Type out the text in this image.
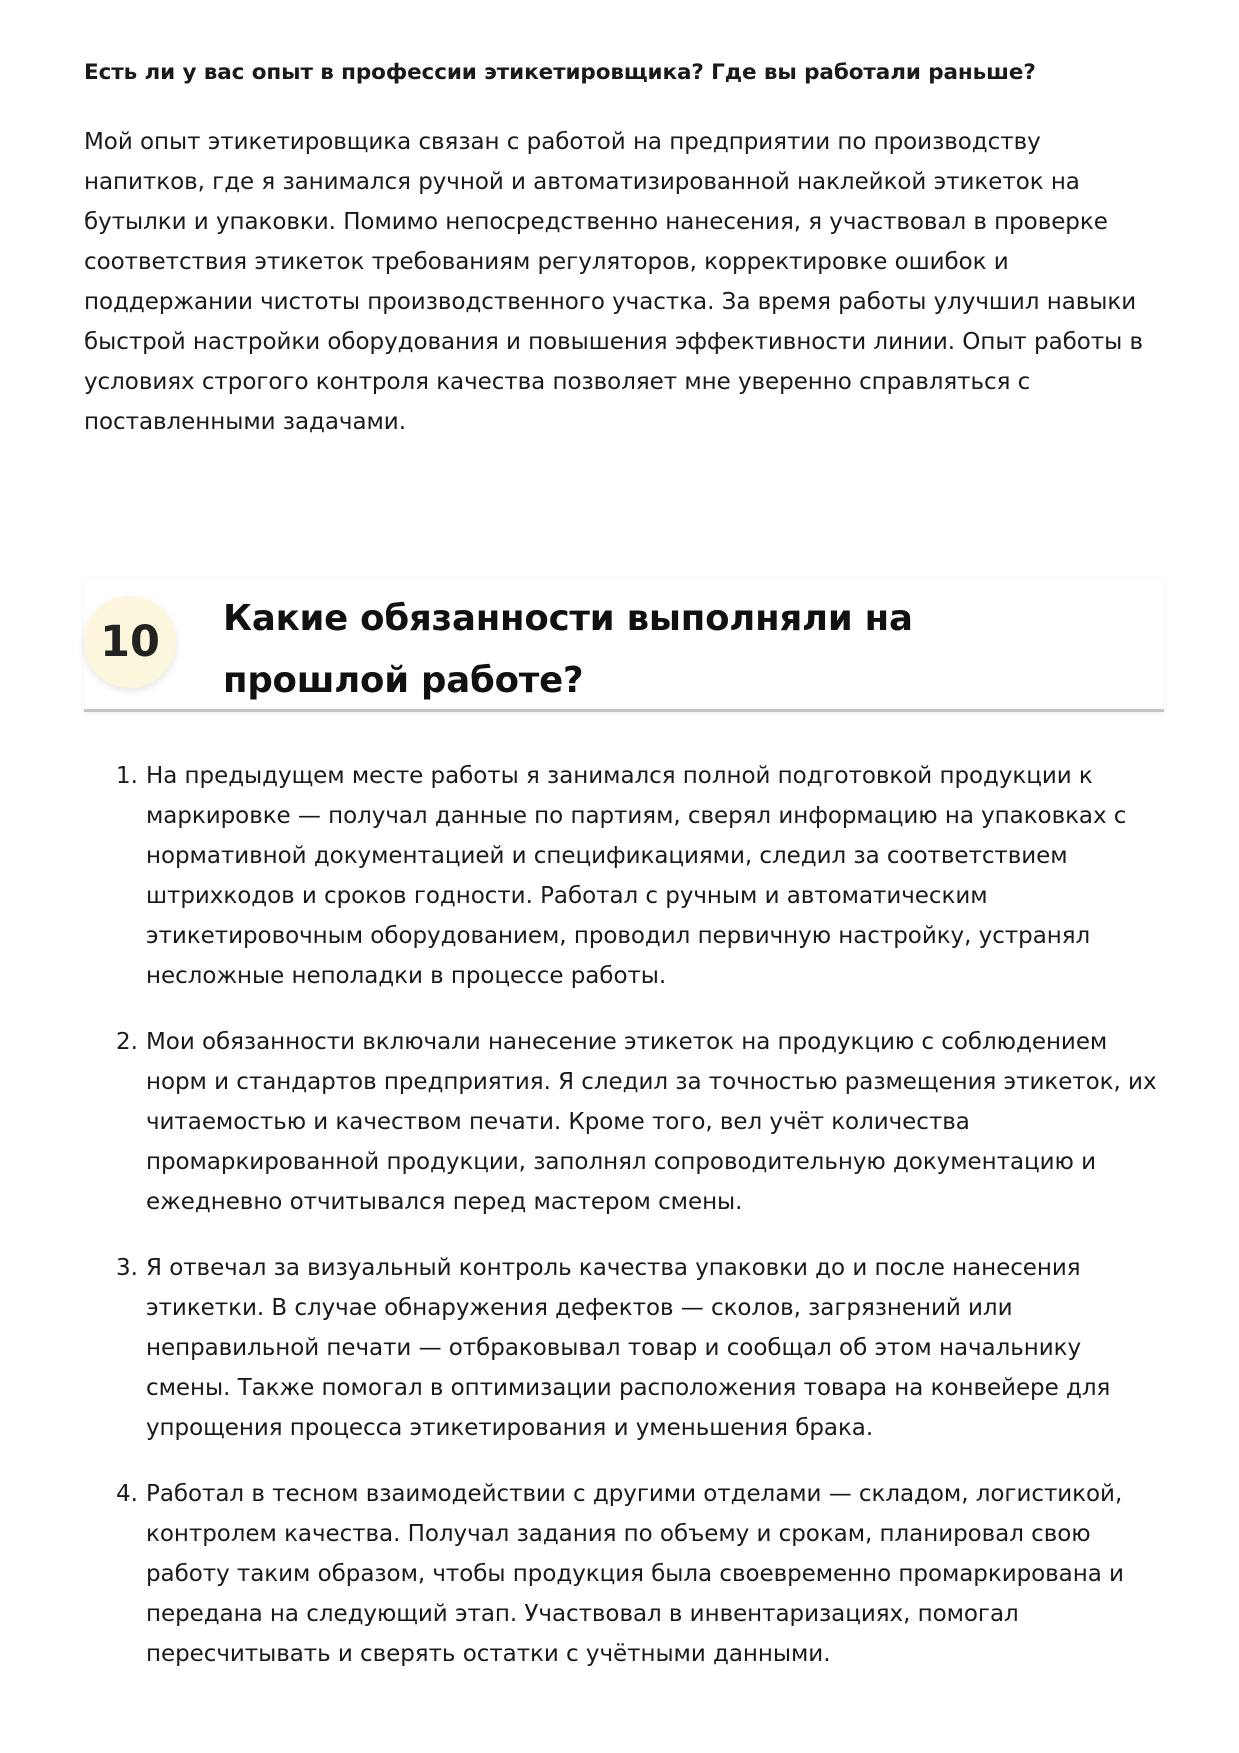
Есть ли у вас опыт в профессии этикетировщика? Где вы работали раньше?

Мой опыт этикетировщика связан с работой на предприятии по производству напитков, где я занимался ручной и автоматизированной наклейкой этикеток на бутылки и упаковки. Помимо непосредственно нанесения, я участвовал в проверке соответствия этикеток требованиям регуляторов, корректировке ошибок и поддержании чистоты производственного участка. За время работы улучшил навыки быстрой настройки оборудования и повышения эффективности линии. Опыт работы в условиях строгого контроля качества позволяет мне уверенно справляться с поставленными задачами.

10	Какие обязанности выполняли на прошлой работе?
1. На предыдущем месте работы я занимался полной подготовкой продукции к маркировке — получал данные по партиям, сверял информацию на упаковках с нормативной документацией и спецификациями, следил за соответствием штрихкодов и сроков годности. Работал с ручным и автоматическим этикетировочным оборудованием, проводил первичную настройку, устранял несложные неполадки в процессе работы.
2. Мои обязанности включали нанесение этикеток на продукцию с соблюдением норм и стандартов предприятия. Я следил за точностью размещения этикеток, их читаемостью и качеством печати. Кроме того, вел учёт количества промаркированной продукции, заполнял сопроводительную документацию и ежедневно отчитывался перед мастером смены.
3. Я отвечал за визуальный контроль качества упаковки до и после нанесения этикетки. В случае обнаружения дефектов — сколов, загрязнений или неправильной печати — отбраковывал товар и сообщал об этом начальнику смены. Также помогал в оптимизации расположения товара на конвейере для упрощения процесса этикетирования и уменьшения брака.
4. Работал в тесном взаимодействии с другими отделами — складом, логистикой, контролем качества. Получал задания по объему и срокам, планировал свою работу таким образом, чтобы продукция была своевременно промаркирована и передана на следующий этап. Участвовал в инвентаризациях, помогал пересчитывать и сверять остатки с учётными данными.
